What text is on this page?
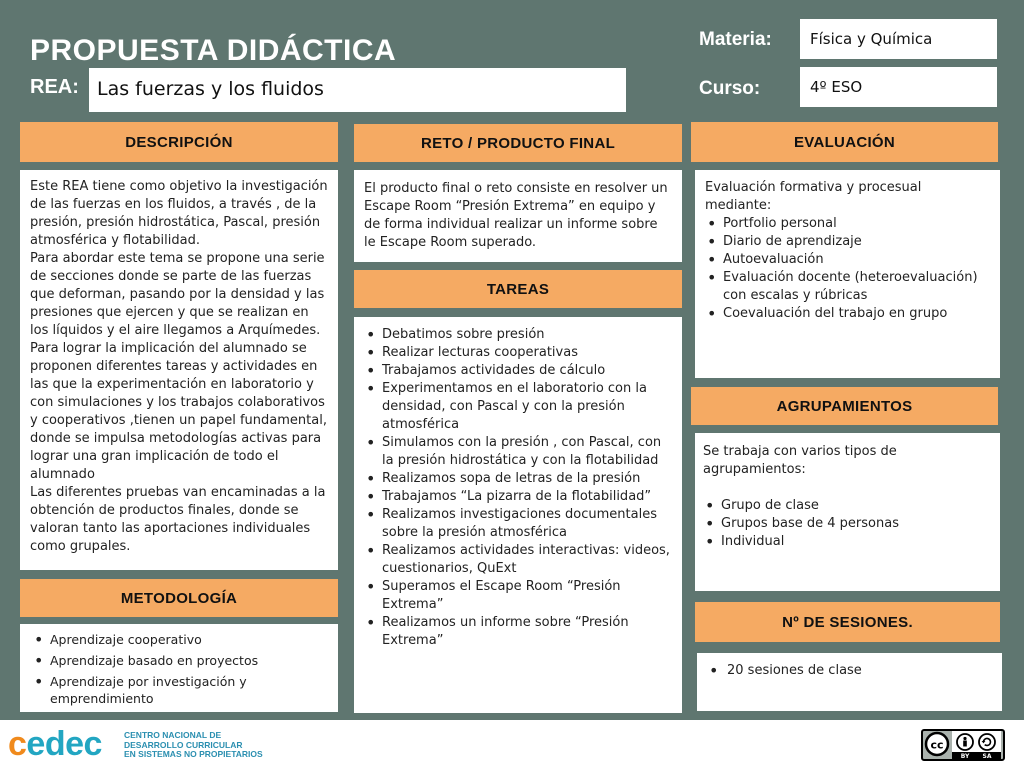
PROPUESTA DIDÁCTICA
REA: Las fuerzas y los fluidos
Materia:	Física y Química
Curso:	4º ESO
DESCRIPCIÓN

Este REA tiene como objetivo la investigación de las fuerzas en los fluidos, a través , de la presión, presión hidrostática, Pascal, presión atmosférica y flotabilidad.

Para abordar este tema se propone una serie de secciones donde se parte de las fuerzas que deforman, pasando por la densidad y las presiones que ejercen y que se realizan en los líquidos y el aire llegamos a Arquímedes.

Para lograr la implicación del alumnado se proponen diferentes tareas y actividades en las que la experimentación en laboratorio y con simulaciones y los trabajos colaborativos y cooperativos ,tienen un papel fundamental, donde se impulsa metodologías activas para lograr una gran implicación de todo el alumnado

Las diferentes pruebas van encaminadas a la obtención de productos finales, donde se valoran tanto las aportaciones individuales como grupales.

METODOLOGÍA
• Aprendizaje cooperativo
• Aprendizaje basado en proyectos
• Aprendizaje por investigación y emprendimiento
RETO / PRODUCTO FINAL

El producto final o reto consiste en resolver un Escape Room “Presión Extrema” en equipo y de forma individual realizar un informe sobre le Escape Room superado.

TAREAS
• Debatimos sobre presión
• Realizar lecturas cooperativas
• Trabajamos actividades de cálculo
• Experimentamos en el laboratorio con la densidad, con Pascal y con la presión atmosférica
• Simulamos con la presión , con Pascal, con la presión hidrostática y con la flotabilidad
• Realizamos sopa de letras de la presión
• Trabajamos “La pizarra de la flotabilidad”
• Realizamos investigaciones documentales sobre la presión atmosférica
• Realizamos actividades interactivas: videos, cuestionarios, QuExt
• Superamos el Escape Room “Presión Extrema”
• Realizamos un informe sobre “Presión Extrema”
EVALUACIÓN

Evaluación formativa y procesual mediante:

• Portfolio personal
• Diario de aprendizaje
• Autoevaluación
• Evaluación docente (heteroevaluación) con escalas y rúbricas
• Coevaluación del trabajo en grupo
AGRUPAMIENTOS

Se trabaja con varios tipos de agrupamientos:

• Grupo de clase
• Grupos base de 4 personas
• Individual
Nº DE SESIONES.
• 20 sesiones de clase
cedec	CENTRO NACIONAL DE
DESARROLLO CURRICULAR
EN SISTEMAS NO PROPIETARIOS
cc
BY SA
